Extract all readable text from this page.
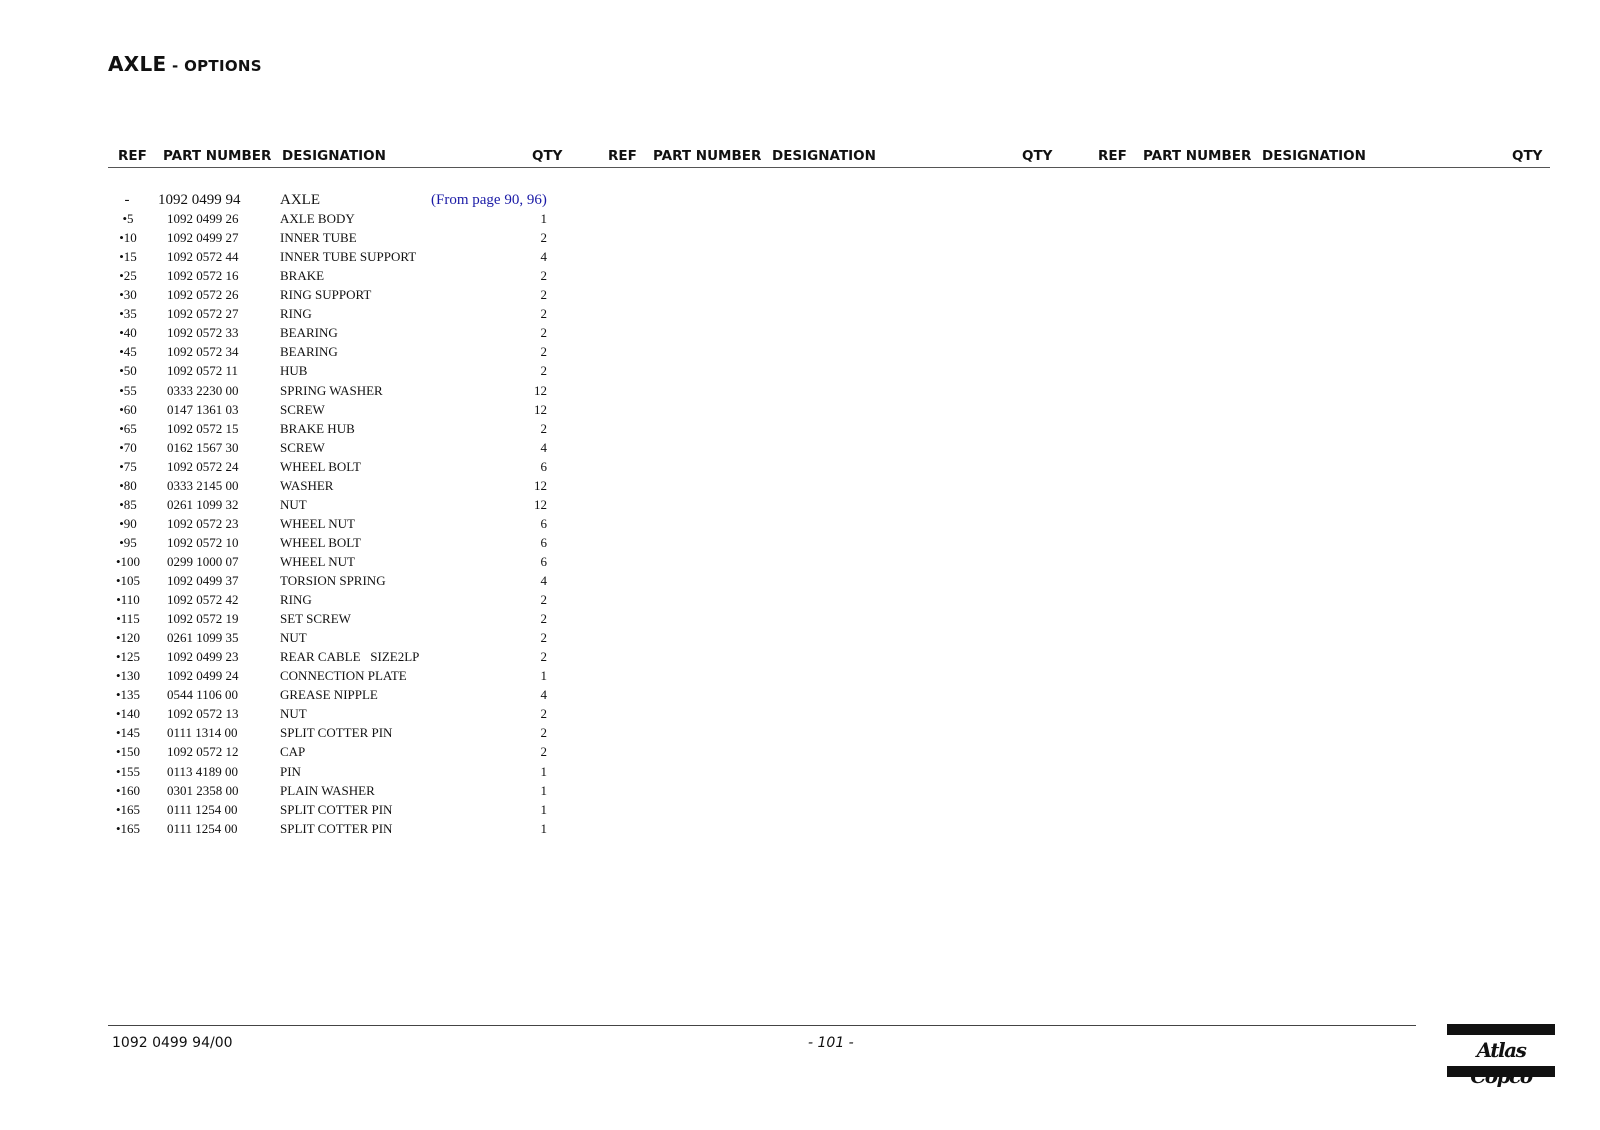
AXLE - OPTIONS
REF PART NUMBER DESIGNATION	QTY	REF PART NUMBER DESIGNATION	QTY	REF PART NUMBER DESIGNATION	QTY
-	1092 0499 94	AXLE	(From page 90, 96)
•5	1092 0499 26	AXLE BODY	1
•10	1092 0499 27	INNER TUBE	2
•15	1092 0572 44	INNER TUBE SUPPORT	4
•25	1092 0572 16	BRAKE	2
•30	1092 0572 26	RING SUPPORT	2
•35	1092 0572 27	RING	2
•40	1092 0572 33	BEARING	2
•45	1092 0572 34	BEARING	2
•50	1092 0572 11	HUB	2
•55	0333 2230 00	SPRING WASHER	12
•60	0147 1361 03	SCREW	12
•65	1092 0572 15	BRAKE HUB	2
•70	0162 1567 30	SCREW	4
•75	1092 0572 24	WHEEL BOLT	6
•80	0333 2145 00	WASHER	12
•85	0261 1099 32	NUT	12
•90	1092 0572 23	WHEEL NUT	6
•95	1092 0572 10	WHEEL BOLT	6
•100	0299 1000 07	WHEEL NUT	6
•105	1092 0499 37	TORSION SPRING	4
•110	1092 0572 42	RING	2
•115	1092 0572 19	SET SCREW	2
•120	0261 1099 35	NUT	2
•125	1092 0499 23	REAR CABLE   SIZE2LP	2
•130	1092 0499 24	CONNECTION PLATE	1
•135	0544 1106 00	GREASE NIPPLE	4
•140	1092 0572 13	NUT	2
•145	0111 1314 00	SPLIT COTTER PIN	2
•150	1092 0572 12	CAP	2
•155	0113 4189 00	PIN	1
•160	0301 2358 00	PLAIN WASHER	1
•165	0111 1254 00	SPLIT COTTER PIN	1
•165	0111 1254 00	SPLIT COTTER PIN	1
1092 0499 94/00	- 101 -	Atlas
